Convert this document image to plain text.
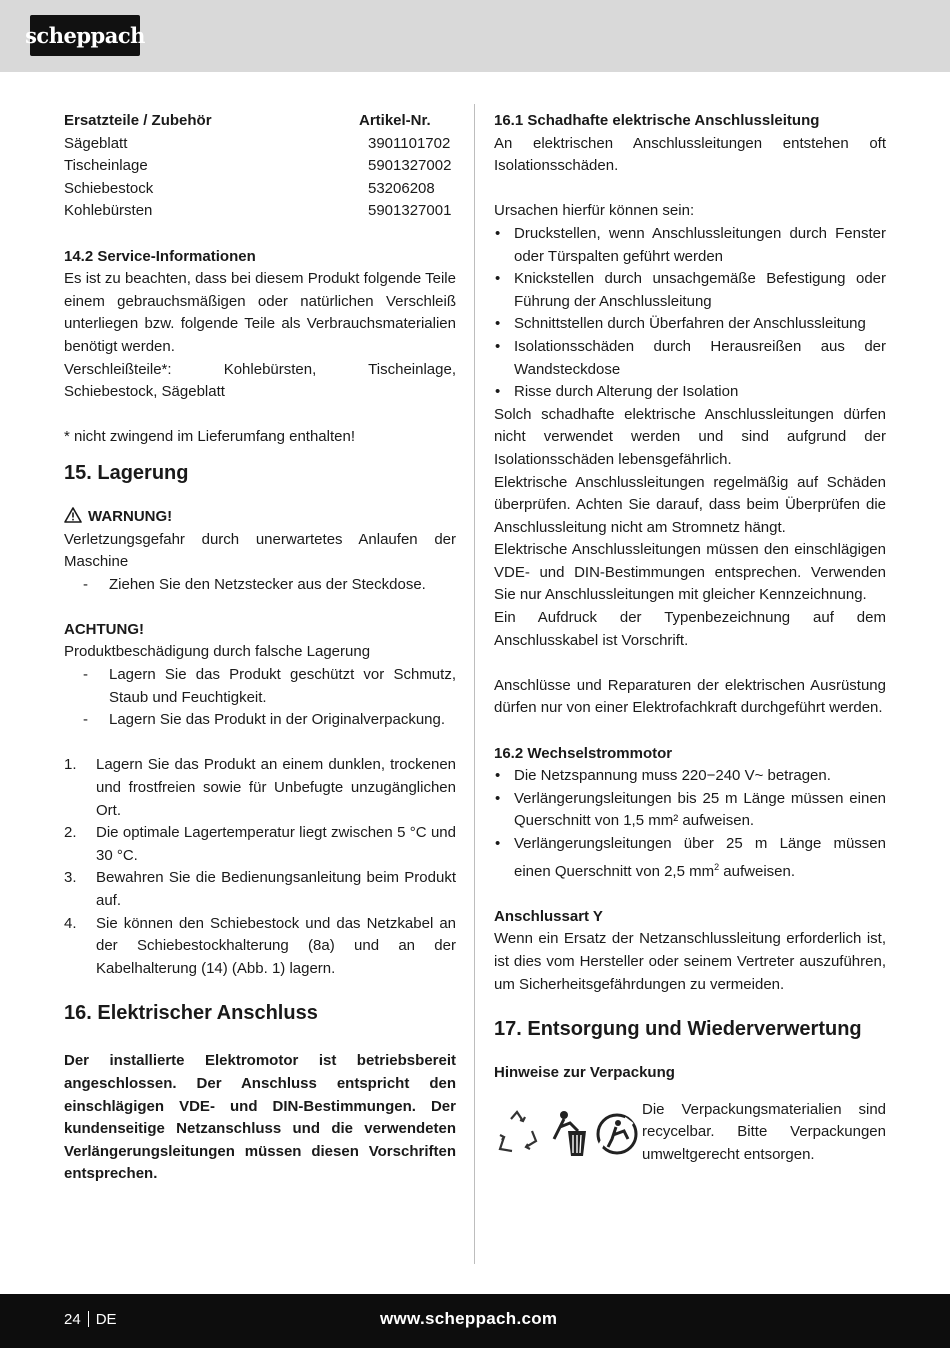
scheppach
Ersatzteile / Zubehör	Artikel-Nr.
Sägeblatt	3901101702
Tischeinlage	5901327002
Schiebestock	53206208
Kohlebürsten	5901327001

14.2 Service-Informationen

Es ist zu beachten, dass bei diesem Produkt folgende Teile einem gebrauchsmäßigen oder natürlichen Verschleiß unterliegen bzw. folgende Teile als Verbrauchsmaterialien benötigt werden.

Verschleißteile*: Kohlebürsten, Tischeinlage, Schiebestock, Sägeblatt

* nicht zwingend im Lieferumfang enthalten!

15. Lagerung

WARNUNG!

Verletzungsgefahr durch unerwartetes Anlaufen der Maschine

- Ziehen Sie den Netzstecker aus der Steckdose.

ACHTUNG!

Produktbeschädigung durch falsche Lagerung

- Lagern Sie das Produkt geschützt vor Schmutz, Staub und Feuchtigkeit.
- Lagern Sie das Produkt in der Originalverpackung.
1. Lagern Sie das Produkt an einem dunklen, trockenen und frostfreien sowie für Unbefugte unzugänglichen Ort.
2. Die optimale Lagertemperatur liegt zwischen 5 °C und 30 °C.
3. Bewahren Sie die Bedienungsanleitung beim Produkt auf.
4. Sie können den Schiebestock und das Netzkabel an der Schiebestockhalterung (8a) und an der Kabelhalterung (14) (Abb. 1) lagern.
16. Elektrischer Anschluss

Der installierte Elektromotor ist betriebsbereit angeschlossen. Der Anschluss entspricht den einschlägigen VDE- und DIN-Bestimmungen. Der kundenseitige Netzanschluss und die verwendeten Verlängerungsleitungen müssen diesen Vorschriften entsprechen.

16.1 Schadhafte elektrische Anschlussleitung

An elektrischen Anschlussleitungen entstehen oft Isolationsschäden.

Ursachen hierfür können sein:

• Druckstellen, wenn Anschlussleitungen durch Fenster oder Türspalten geführt werden
• Knickstellen durch unsachgemäße Befestigung oder Führung der Anschlussleitung
• Schnittstellen durch Überfahren der Anschlussleitung
• Isolationsschäden durch Herausreißen aus der Wandsteckdose
• Risse durch Alterung der Isolation

Solch schadhafte elektrische Anschlussleitungen dürfen nicht verwendet werden und sind aufgrund der Isolationsschäden lebensgefährlich.

Elektrische Anschlussleitungen regelmäßig auf Schäden überprüfen. Achten Sie darauf, dass beim Überprüfen die Anschlussleitung nicht am Stromnetz hängt.

Elektrische Anschlussleitungen müssen den einschlägigen VDE- und DIN-Bestimmungen entsprechen. Verwenden Sie nur Anschlussleitungen mit gleicher Kennzeichnung.

Ein Aufdruck der Typenbezeichnung auf dem Anschlusskabel ist Vorschrift.

Anschlüsse und Reparaturen der elektrischen Ausrüstung dürfen nur von einer Elektrofachkraft durchgeführt werden.

16.2 Wechselstrommotor

• Die Netzspannung muss 220−240 V~ betragen.
• Verlängerungsleitungen bis 25 m Länge müssen einen Querschnitt von 1,5 mm² aufweisen.
• Verlängerungsleitungen über 25 m Länge müssen einen Querschnitt von 2,5 $mm^2$ aufweisen.

Anschlussart Y

Wenn ein Ersatz der Netzanschlussleitung erforderlich ist, ist dies vom Hersteller oder seinem Vertreter auszuführen, um Sicherheitsgefährdungen zu vermeiden.

17. Entsorgung und Wiederverwertung

Hinweise zur Verpackung

Die Verpackungsmaterialien sind recycelbar. Bitte Verpackungen umweltgerecht entsorgen.

24 DE	www.scheppach.com
